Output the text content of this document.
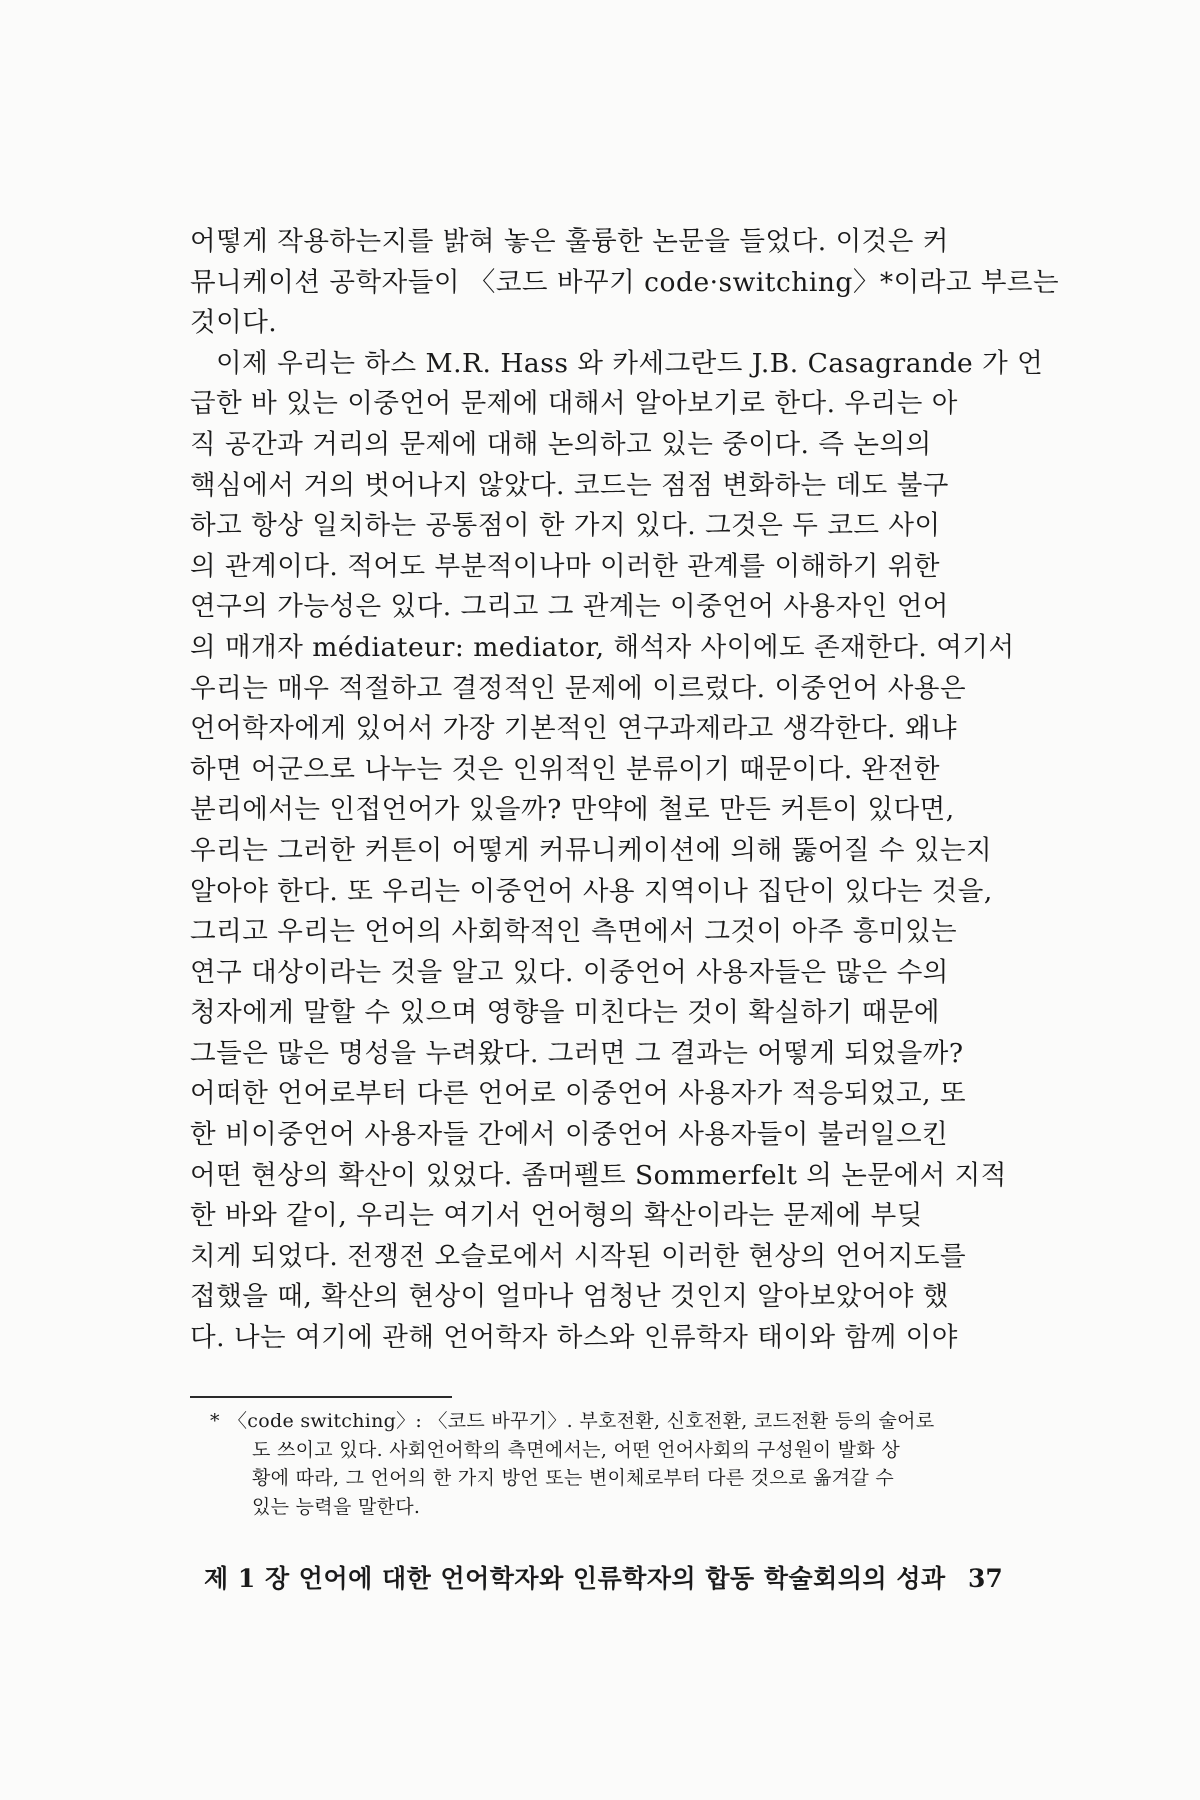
어떻게 작용하는지를 밝혀 놓은 훌륭한 논문을 들었다. 이것은 커
뮤니케이션 공학자들이 〈코드 바꾸기 code·switching〉*이라고 부르는
것이다.
이제 우리는 하스 M.R. Hass 와 카세그란드 J.B. Casagrande 가 언
급한 바 있는 이중언어 문제에 대해서 알아보기로 한다. 우리는 아
직 공간과 거리의 문제에 대해 논의하고 있는 중이다. 즉 논의의
핵심에서 거의 벗어나지 않았다. 코드는 점점 변화하는 데도 불구
하고 항상 일치하는 공통점이 한 가지 있다. 그것은 두 코드 사이
의 관계이다. 적어도 부분적이나마 이러한 관계를 이해하기 위한
연구의 가능성은 있다. 그리고 그 관계는 이중언어 사용자인 언어
의 매개자 médiateur: mediator, 해석자 사이에도 존재한다. 여기서
우리는 매우 적절하고 결정적인 문제에 이르렀다. 이중언어 사용은
언어학자에게 있어서 가장 기본적인 연구과제라고 생각한다. 왜냐
하면 어군으로 나누는 것은 인위적인 분류이기 때문이다. 완전한
분리에서는 인접언어가 있을까? 만약에 철로 만든 커튼이 있다면,
우리는 그러한 커튼이 어떻게 커뮤니케이션에 의해 뚫어질 수 있는지
알아야 한다. 또 우리는 이중언어 사용 지역이나 집단이 있다는 것을,
그리고 우리는 언어의 사회학적인 측면에서 그것이 아주 흥미있는
연구 대상이라는 것을 알고 있다. 이중언어 사용자들은 많은 수의
청자에게 말할 수 있으며 영향을 미친다는 것이 확실하기 때문에
그들은 많은 명성을 누려왔다. 그러면 그 결과는 어떻게 되었을까?
어떠한 언어로부터 다른 언어로 이중언어 사용자가 적응되었고, 또
한 비이중언어 사용자들 간에서 이중언어 사용자들이 불러일으킨
어떤 현상의 확산이 있었다. 좀머펠트 Sommerfelt 의 논문에서 지적
한 바와 같이, 우리는 여기서 언어형의 확산이라는 문제에 부딪
치게 되었다. 전쟁전 오슬로에서 시작된 이러한 현상의 언어지도를
접했을 때, 확산의 현상이 얼마나 엄청난 것인지 알아보았어야 했
다. 나는 여기에 관해 언어학자 하스와 인류학자 태이와 함께 이야
* 〈code switching〉: 〈코드 바꾸기〉. 부호전환, 신호전환, 코드전환 등의 술어로
도 쓰이고 있다. 사회언어학의 측면에서는, 어떤 언어사회의 구성원이 발화 상
황에 따라, 그 언어의 한 가지 방언 또는 변이체로부터 다른 것으로 옮겨갈 수
있는 능력을 말한다.
제 1 장 언어에 대한 언어학자와 인류학자의 합동 학술회의의 성과 37
